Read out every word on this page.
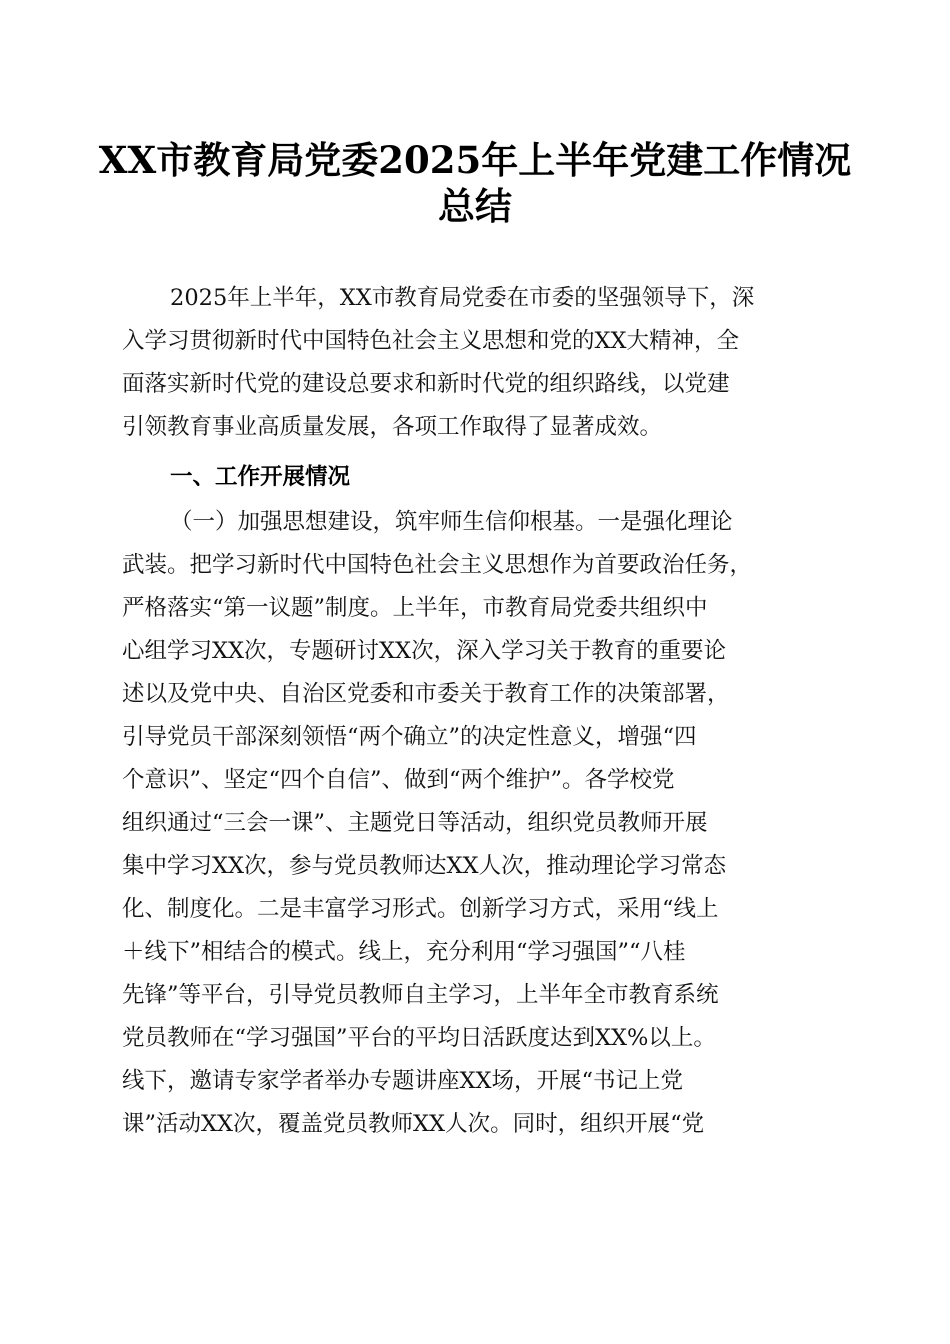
XX市教育局党委2025年上半年党建工作情况
总结
2025年上半年，XX市教育局党委在市委的坚强领导下，深
入学习贯彻新时代中国特色社会主义思想和党的XX大精神，全
面落实新时代党的建设总要求和新时代党的组织路线，以党建
引领教育事业高质量发展，各项工作取得了显著成效。
一、工作开展情况
（一）加强思想建设，筑牢师生信仰根基。一是强化理论
武装。把学习新时代中国特色社会主义思想作为首要政治任务，
严格落实“第一议题”制度。上半年，市教育局党委共组织中
心组学习XX次，专题研讨XX次，深入学习关于教育的重要论
述以及党中央、自治区党委和市委关于教育工作的决策部署，
引导党员干部深刻领悟“两个确立”的决定性意义，增强“四
个意识”、坚定“四个自信”、做到“两个维护”。各学校党
组织通过“三会一课”、主题党日等活动，组织党员教师开展
集中学习XX次，参与党员教师达XX人次，推动理论学习常态
化、制度化。二是丰富学习形式。创新学习方式，采用“线上
＋线下”相结合的模式。线上，充分利用“学习强国”“八桂
先锋”等平台，引导党员教师自主学习，上半年全市教育系统
党员教师在“学习强国”平台的平均日活跃度达到XX%以上。
线下，邀请专家学者举办专题讲座XX场，开展“书记上党
课”活动XX次，覆盖党员教师XX人次。同时，组织开展“党
